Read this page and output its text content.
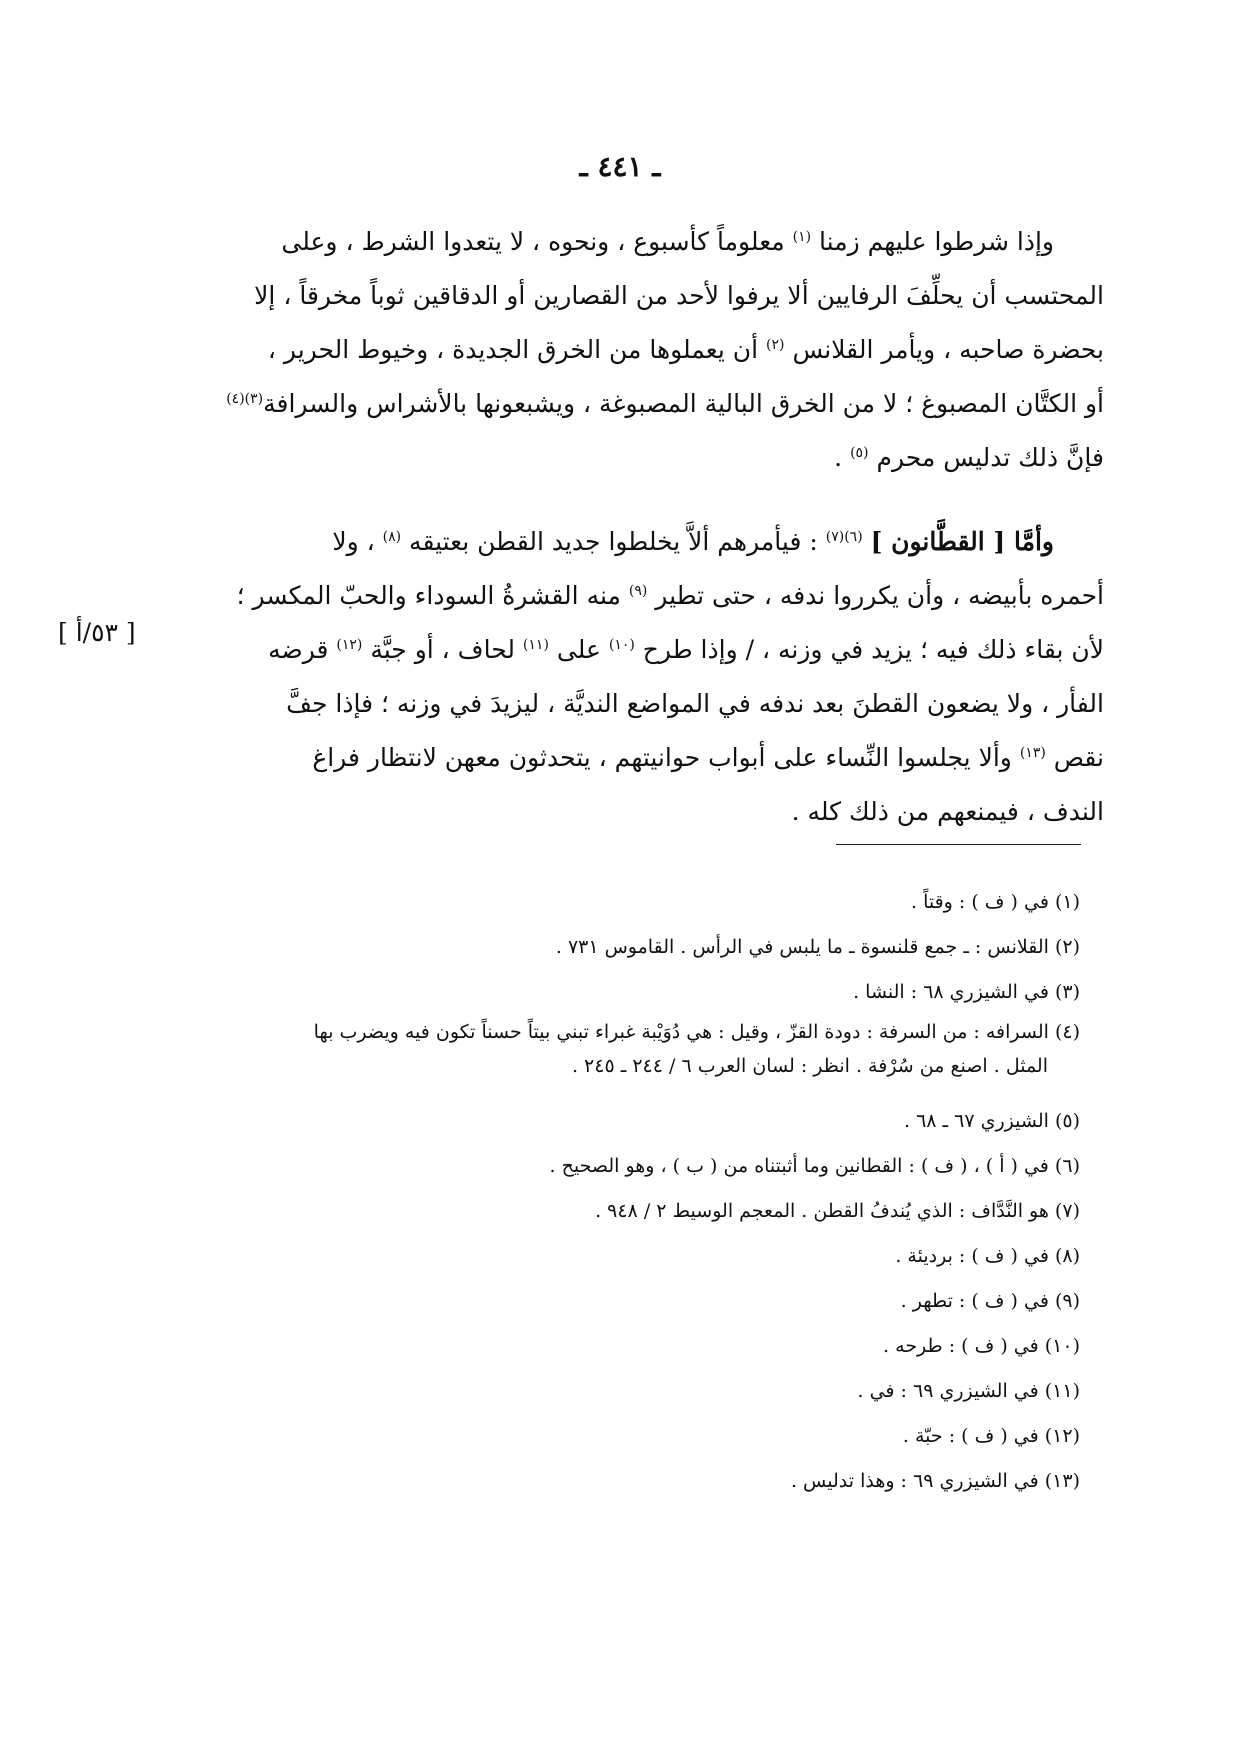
ـ ٤٤١ ـ
وإذا شرطوا عليهم زمنا $^{(١)}$ معلوماً كأسبوع ، ونحوه ، لا يتعدوا الشرط ، وعلى
المحتسب أن يحلِّفَ الرفايين ألا يرفوا لأحد من القصارين أو الدقاقين ثوباً مخرقاً ، إلا
بحضرة صاحبه ، ويأمر القلانس $^{(٢)}$ أن يعملوها من الخرق الجديدة ، وخيوط الحرير ،
أو الكتَّان المصبوغ ؛ لا من الخرق البالية المصبوغة ، ويشبعونها بالأشراس والسرافة$^{(٣)(٤)}$
فإنَّ ذلك تدليس محرم $^{(٥)}$ .
وأمَّا [ القطَّانون ] $^{(٦)(٧)}$ : فيأمرهم ألاَّ يخلطوا جديد القطن بعتيقه $^{(٨)}$ ، ولا
أحمره بأبيضه ، وأن يكرروا ندفه ، حتى تطير $^{(٩)}$ منه القشرةُ السوداء والحبّ المكسر ؛
لأن بقاء ذلك فيه ؛ يزيد في وزنه ، / وإذا طرح $^{(١٠)}$ على $^{(١١)}$ لحاف ، أو جبَّة $^{(١٢)}$ قرضه
الفأر ، ولا يضعون القطنَ بعد ندفه في المواضع النديَّة ، ليزيدَ في وزنه ؛ فإذا جفَّ
نقص $^{(١٣)}$ وألا يجلسوا النِّساء على أبواب حوانيتهم ، يتحدثون معهن لانتظار فراغ
الندف ، فيمنعهم من ذلك كله .
[ ٥٣/أ ]
(١) في ( ف ) : وقتاً .
(٢) القلانس : ـ جمع قلنسوة ـ ما يلبس في الرأس . القاموس ٧٣١ .
(٣) في الشيزري ٦٨ : النشا .
(٤) السرافه : من السرفة : دودة القزّ ، وقيل : هي دُوَيْبة غبراء تبني بيتاً حسناً تكون فيه ويضرب بها
المثل . اصنع من سُرْفة . انظر : لسان العرب ٦ / ٢٤٤ ـ ٢٤٥ .
(٥) الشيزري ٦٧ ـ ٦٨ .
(٦) في ( أ ) ، ( ف ) : القطانين وما أثبتناه من ( ب ) ، وهو الصحيح .
(٧) هو النَّدَّاف : الذي يُندفُ القطن . المعجم الوسيط ٢ / ٩٤٨ .
(٨) في ( ف ) : بردیئة .
(٩) في ( ف ) : تطهر .
(١٠) في ( ف ) : طرحه .
(١١) في الشيزري ٦٩ : في .
(١٢) في ( ف ) : حبّة .
(١٣) في الشيزري ٦٩ : وهذا تدليس .
